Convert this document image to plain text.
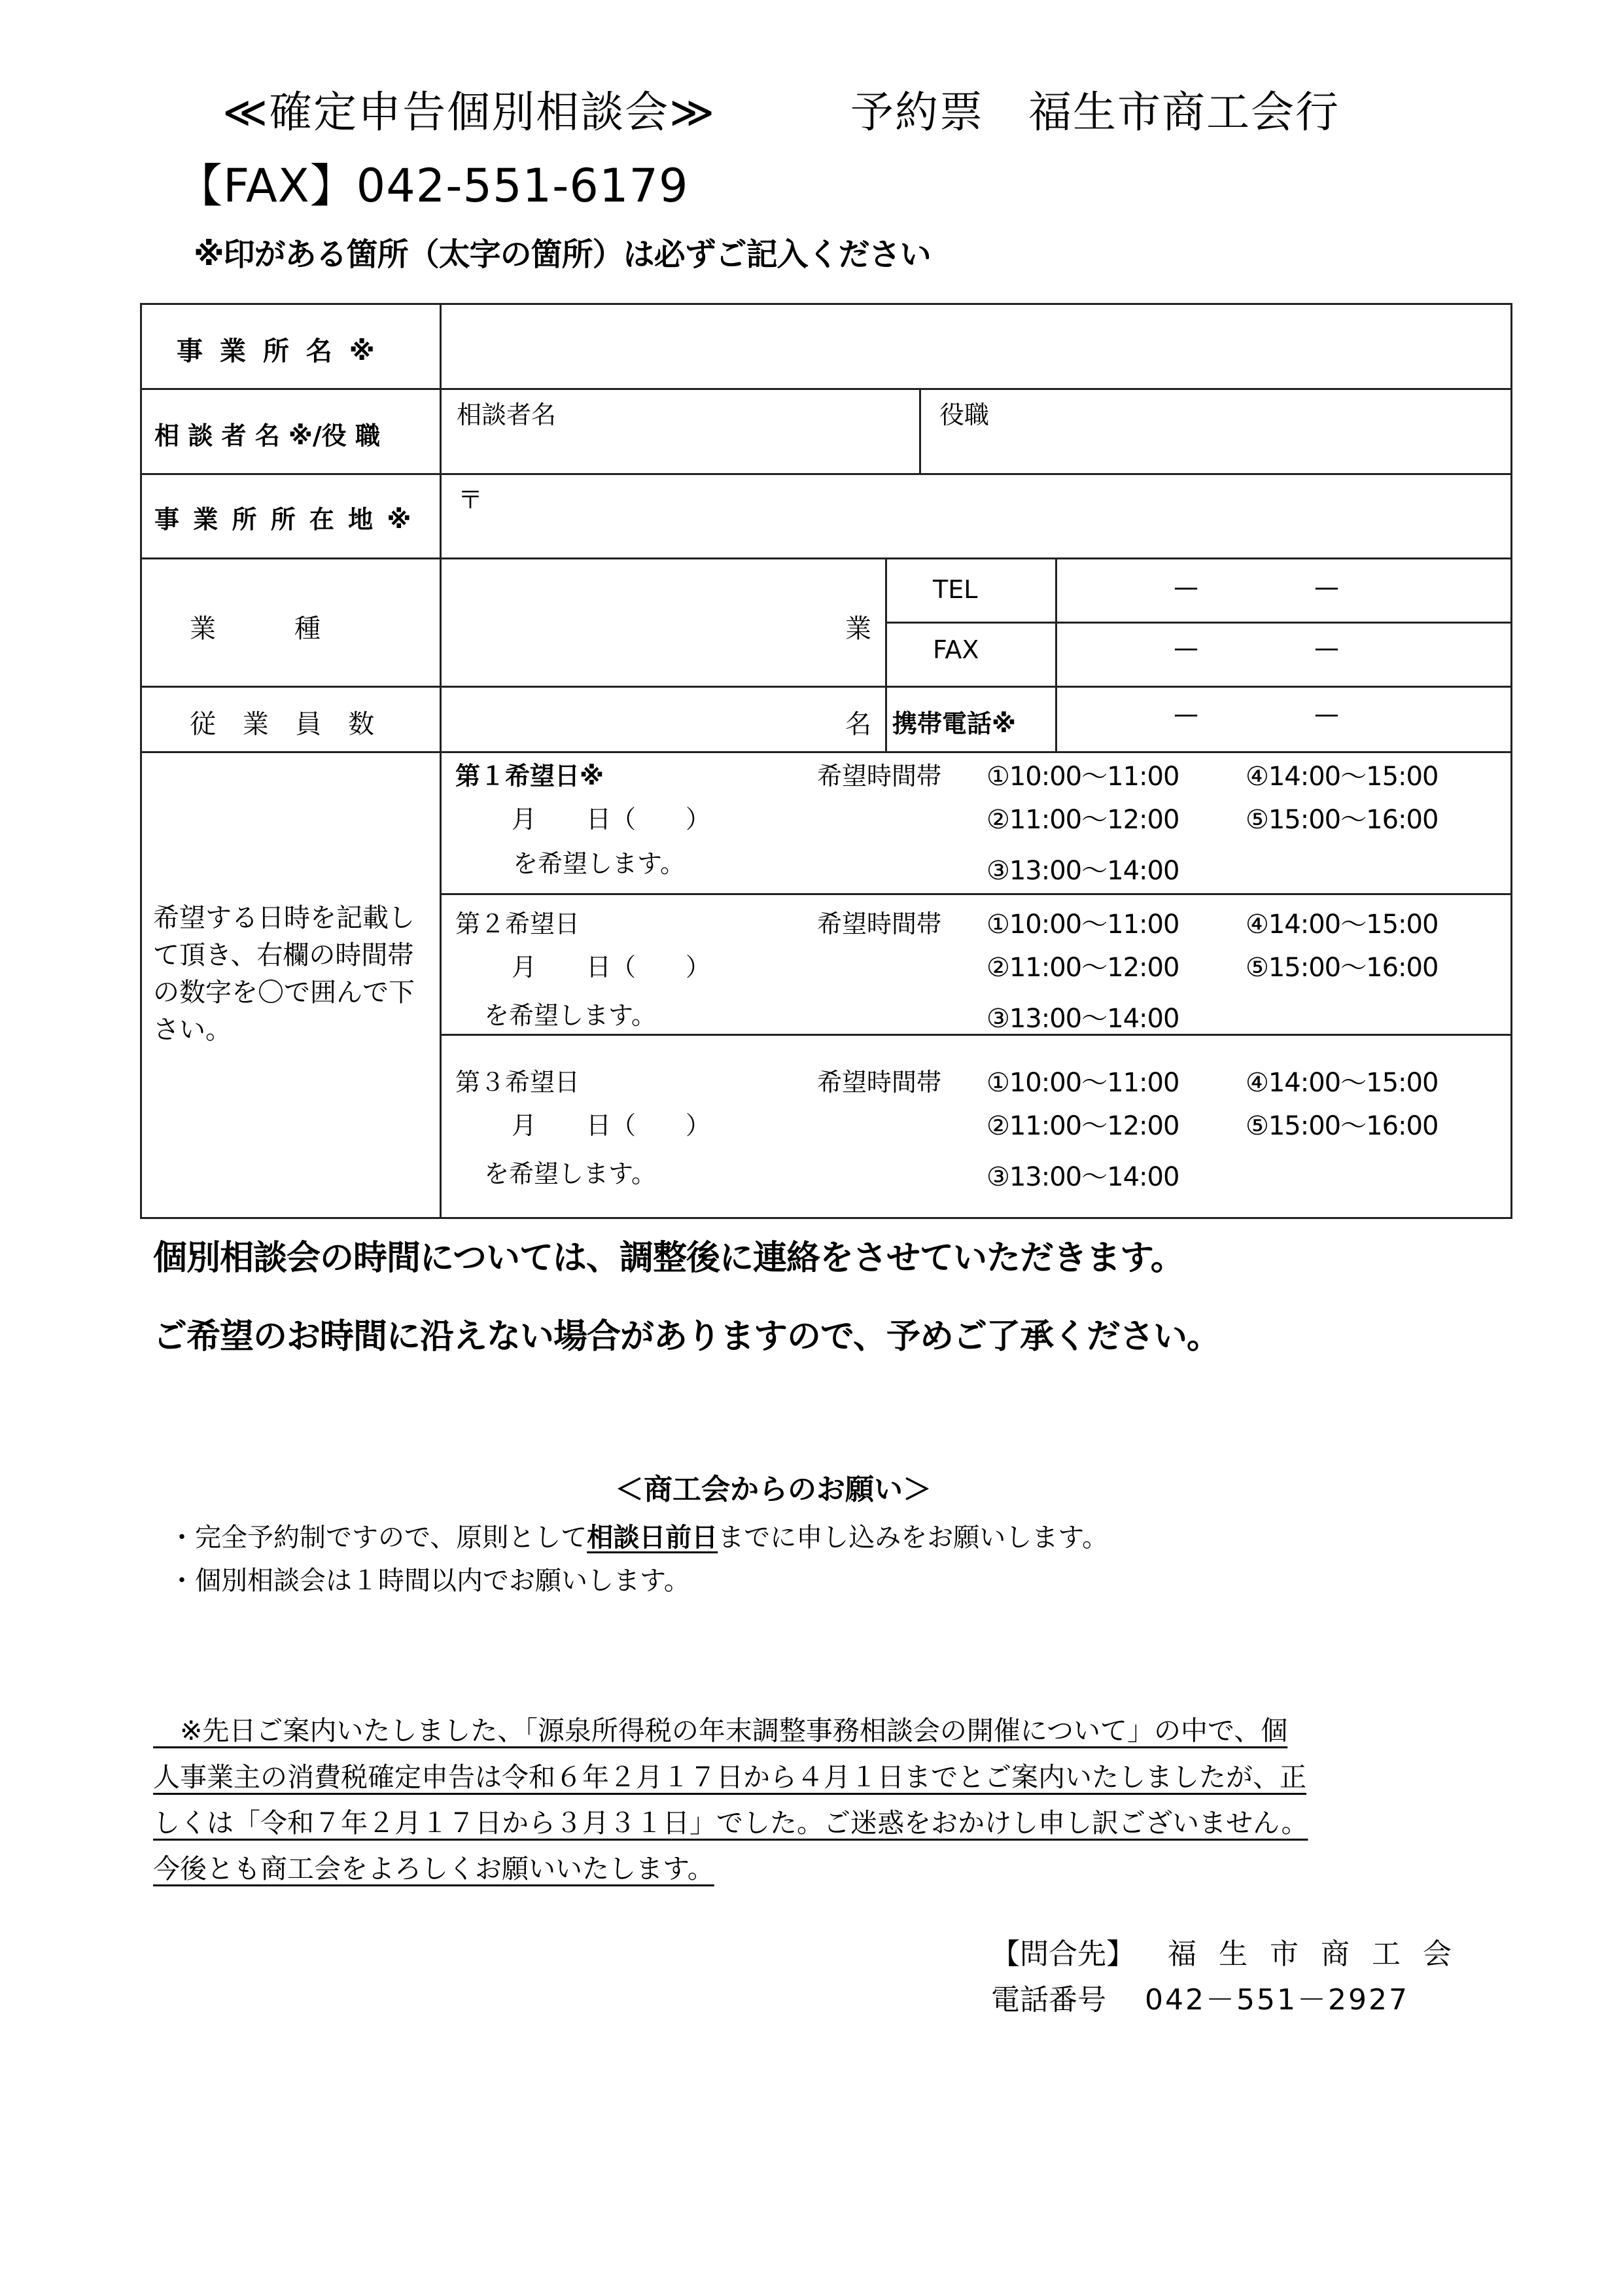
≪確定申告個別相談会≫	予約票　福生市商工会行
【FAX】042-551-6179
※印がある箇所（太字の箇所）は必ずご記入ください
事 業 所 名 ※
相 談 者 名 ※/役 職
相談者名	役職
事 業 所 所 在 地 ※
〒
業　　　種	業
TEL	—	—
FAX	—	—
従 業 員 数	名 携帯電話※	—	—
希望する日時を記載して頂き、右欄の時間帯の数字を〇で囲んで下さい。
第１希望日※
月　　日（　　）
を希望します。
希望時間帯 ①10:00～11:00
②11:00～12:00
③13:00～14:00
④14:00～15:00
⑤15:00～16:00
第２希望日
月　　日（　　）
を希望します。
希望時間帯 ①10:00～11:00
②11:00～12:00
③13:00～14:00
④14:00～15:00
⑤15:00～16:00
第３希望日
月　　日（　　）
を希望します。
希望時間帯 ①10:00～11:00
②11:00～12:00
③13:00～14:00
④14:00～15:00
⑤15:00～16:00
個別相談会の時間については、調整後に連絡をさせていただきます。
ご希望のお時間に沿えない場合がありますので、予めご了承ください。
＜商工会からのお願い＞
・完全予約制ですので、原則として相談日前日までに申し込みをお願いします。
・個別相談会は１時間以内でお願いします。
　※先日ご案内いたしました、「源泉所得税の年末調整事務相談会の開催について」の中で、個
人事業主の消費税確定申告は令和６年２月１７日から４月１日までとご案内いたしましたが、正
しくは「令和７年２月１７日から３月３１日」でした。ご迷惑をおかけし申し訳ございません。
今後とも商工会をよろしくお願いいたします。
【問合先】 福 生 市 商 工 会
電話番号 042－551－2927
